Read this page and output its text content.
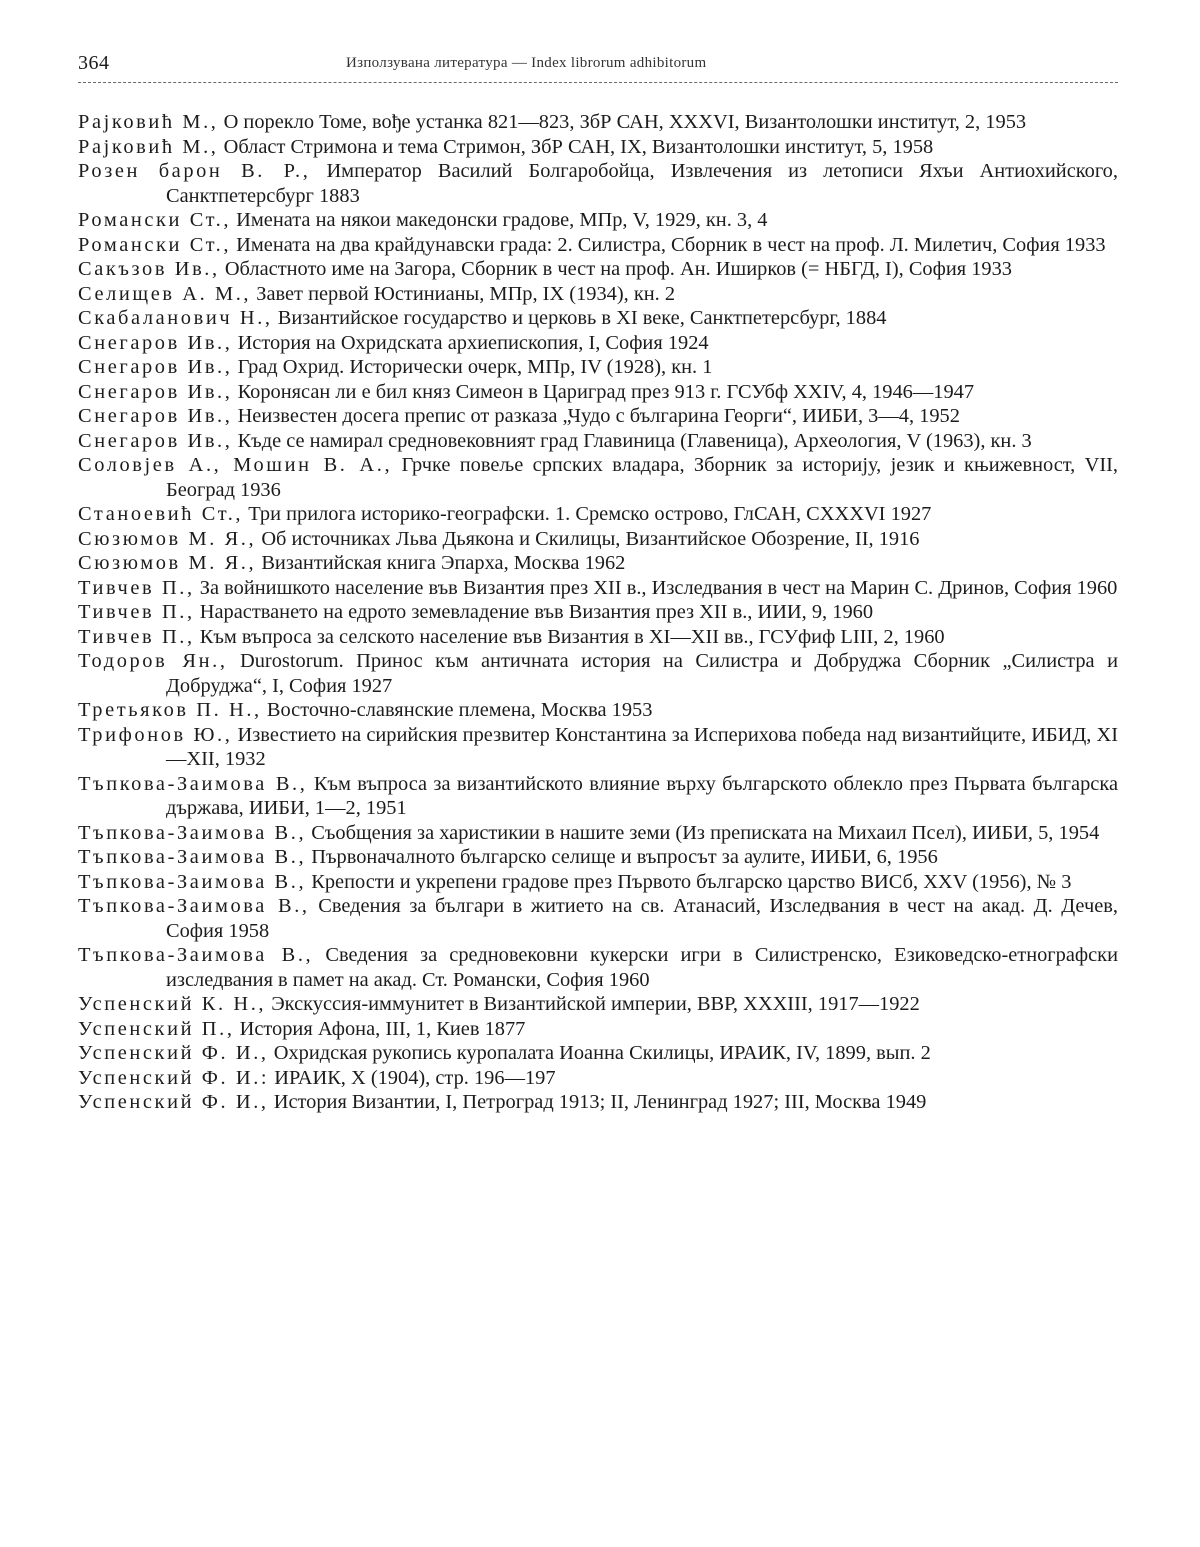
364	Използувана литература — Index librorum adhibitorum
Рајковић М., О порекло Томе, вође устанка 821—823, ЗбР САН, XXXVI, Византолошки институт, 2, 1953
Рајковић М., Област Стримона и тема Стримон, ЗбР САН, IX, Византолошки институт, 5, 1958
Розен барон В. Р., Император Василий Болгаробойца, Извлечения из летописи Яхъи Антиохийского, Санктпетерсбург 1883
Романски Ст., Имената на някои македонски градове, МПр, V, 1929, кн. 3, 4
Романски Ст., Имената на два крайдунавски града: 2. Силистра, Сборник в чест на проф. Л. Милетич, София 1933
Сакъзов Ив., Областното име на Загора, Сборник в чест на проф. Ан. Иширков (= НБГД, I), София 1933
Селищев А. М., Завет первой Юстинианы, МПр, IX (1934), кн. 2
Скабаланович Н., Византийское государство и церковь в XI веке, Санктпетерсбург, 1884
Снегаров Ив., История на Охридската архиепископия, I, София 1924
Снегаров Ив., Град Охрид. Исторически очерк, МПр, IV (1928), кн. 1
Снегаров Ив., Коронясан ли е бил княз Симеон в Цариград през 913 г. ГСУбф XXIV, 4, 1946—1947
Снегаров Ив., Неизвестен досега препис от разказа „Чудо с българина Георги“, ИИБИ, 3—4, 1952
Снегаров Ив., Къде се намирал средновековният град Главиница (Главеница), Археология, V (1963), кн. 3
Соловјев А., Мошин В. А., Грчке повеље српских владара, Зборник за историју, језик и књижевност, VII, Београд 1936
Станоевић Ст., Три прилога историко-географски. 1. Сремско острово, ГлСАН, CXXXVI 1927
Сюзюмов М. Я., Об источниках Льва Дьякона и Скилицы, Византийское Обозрение, II, 1916
Сюзюмов М. Я., Византийская книга Эпарха, Москва 1962
Тивчев П., За войнишкото население във Византия през XII в., Изследвания в чест на Марин С. Дринов, София 1960
Тивчев П., Нарастването на едрото земевладение във Византия през XII в., ИИИ, 9, 1960
Тивчев П., Към въпроса за селското население във Византия в XI—XII вв., ГСУфиф LIII, 2, 1960
Тодоров Ян., Durostorum. Принос към античната история на Силистра и Добруджа Сборник „Силистра и Добруджа“, I, София 1927
Третьяков П. Н., Восточно-славянские племена, Москва 1953
Трифонов Ю., Известието на сирийския презвитер Константина за Исперихова победа над византийците, ИБИД, XI—XII, 1932
Тъпкова-Заимова В., Към въпроса за византийското влияние върху българското облекло през Първата българска държава, ИИБИ, 1—2, 1951
Тъпкова-Заимова В., Съобщения за харистикии в нашите земи (Из преписката на Михаил Псел), ИИБИ, 5, 1954
Тъпкова-Заимова В., Първоначалното българско селище и въпросът за аулите, ИИБИ, 6, 1956
Тъпкова-Заимова В., Крепости и укрепени градове през Първото българско царство ВИСб, XXV (1956), № 3
Тъпкова-Заимова В., Сведения за българи в житието на св. Атанасий, Изследвания в чест на акад. Д. Дечев, София 1958
Тъпкова-Заимова В., Сведения за средновековни кукерски игри в Силистренско, Езиковедско-етнографски изследвания в памет на акад. Ст. Романски, София 1960
Успенский К. Н., Экскуссия-иммунитет в Византийской империи, ВВР, XXXIII, 1917—1922
Успенский П., История Афона, III, 1, Киев 1877
Успенский Ф. И., Охридская рукопись куропалата Иоанна Скилицы, ИРАИК, IV, 1899, вып. 2
Успенский Ф. И.: ИРАИК, X (1904), стр. 196—197
Успенский Ф. И., История Византии, I, Петроград 1913; II, Ленинград 1927; III, Москва 1949
